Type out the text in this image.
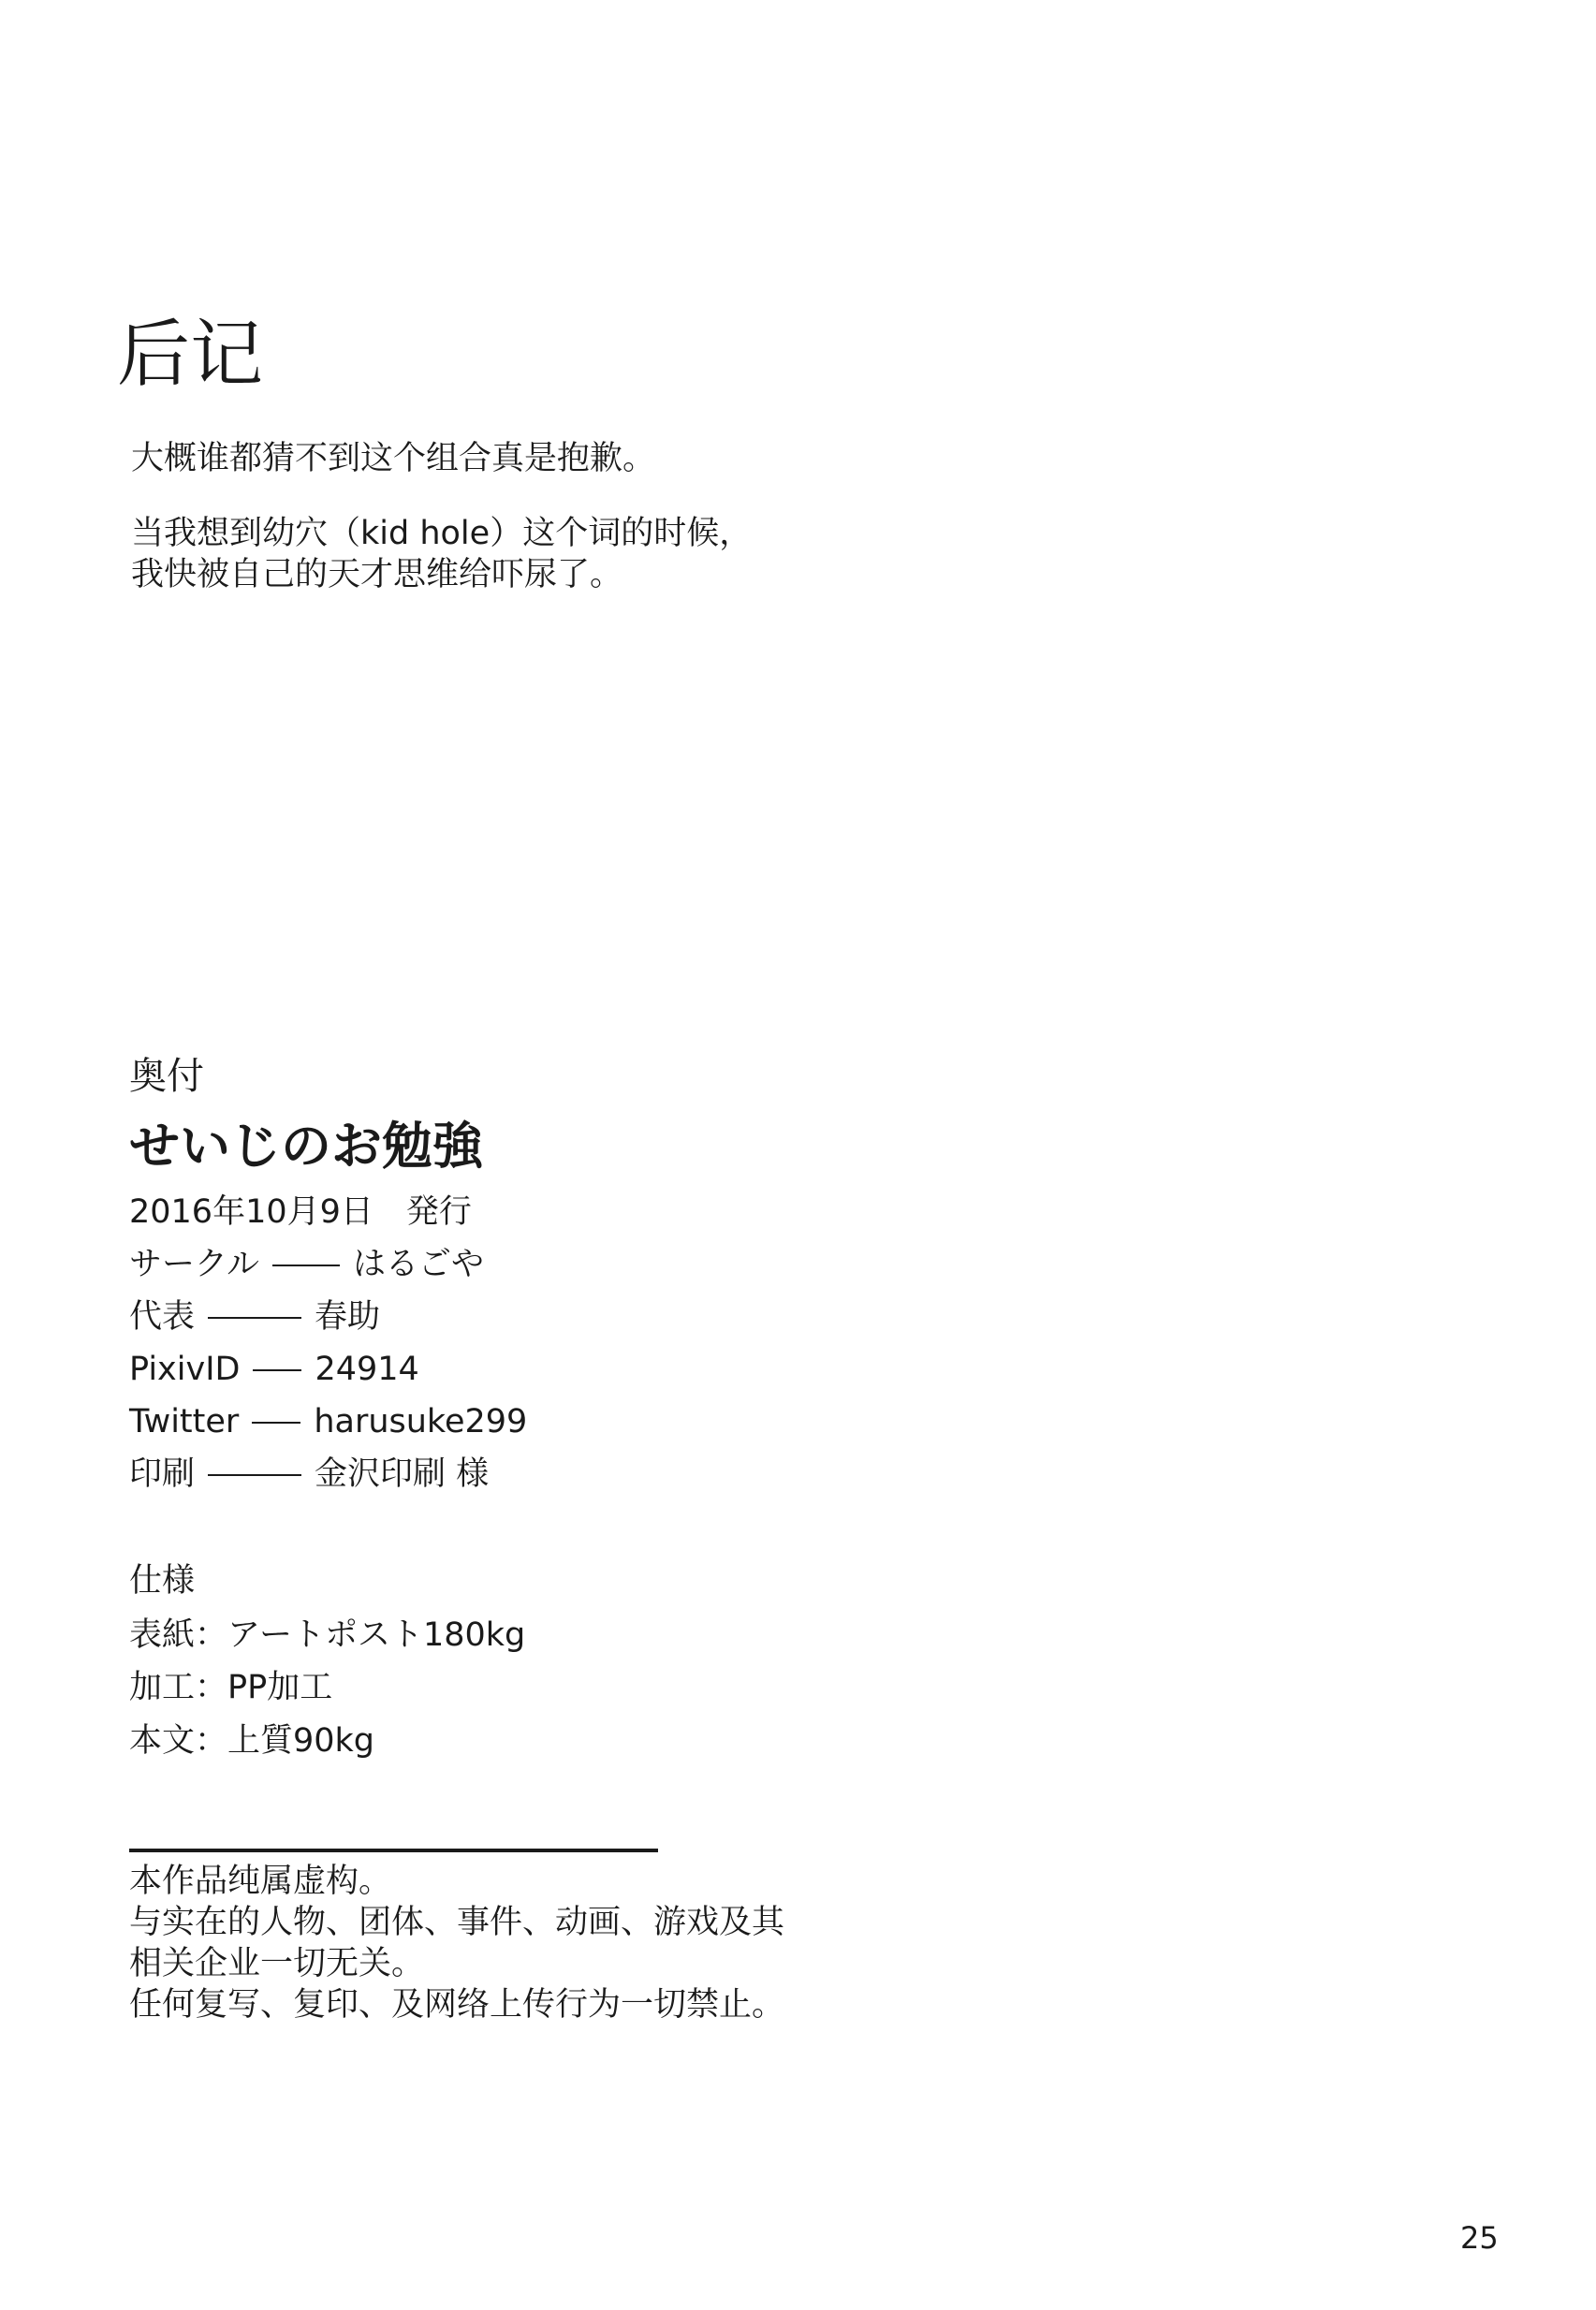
后记
大概谁都猜不到这个组合真是抱歉。
当我想到幼穴（kid hole）这个词的时候，
我快被自己的天才思维给吓尿了。
奥付
せいじのお勉強
2016年10月9日　発行
サークル	はるごや
代表	春助
PixivID 24914
Twitter harusuke299
印刷	金沢印刷 様
仕様
表紙：アートポスト180kg
加工：PP加工
本文：上質90kg
本作品纯属虚构。
与实在的人物、团体、事件、动画、游戏及其
相关企业一切无关。
任何复写、复印、及网络上传行为一切禁止。
25
